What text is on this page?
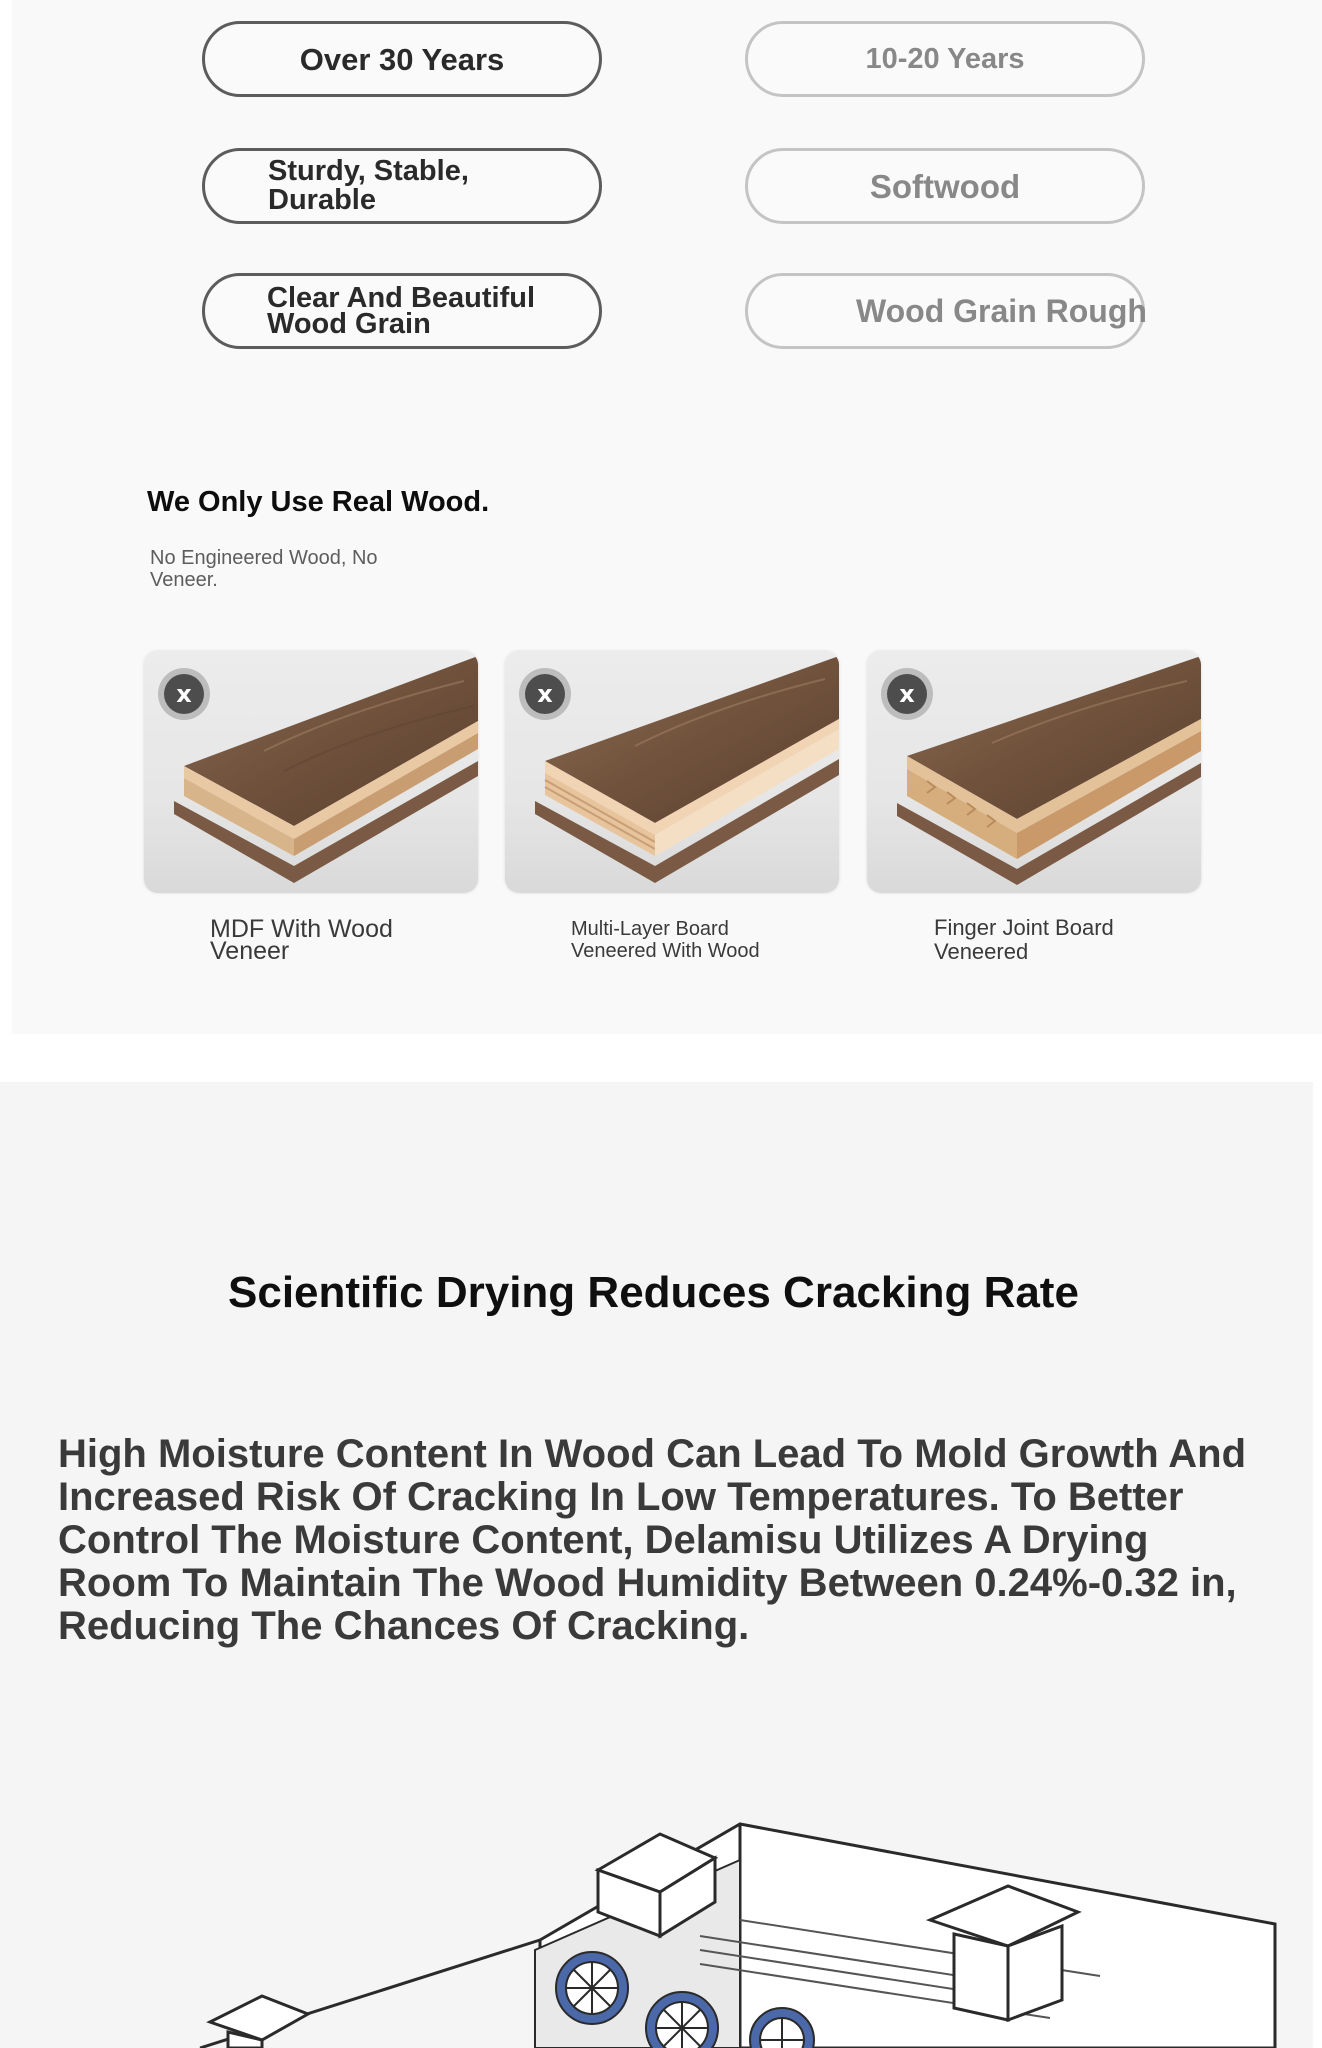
Over 30 Years
Sturdy, Stable, Durable
Clear And Beautiful Wood Grain
10-20 Years
Softwood
Wood Grain Rough
We Only Use Real Wood.
No Engineered Wood, No Veneer.
x	x	x
MDF With Wood Veneer
Multi-Layer Board Veneered With Wood
Finger Joint Board Veneered
Scientific Drying Reduces Cracking Rate
High Moisture Content In Wood Can Lead To Mold Growth And Increased Risk Of Cracking In Low Temperatures. To Better Control The Moisture Content, Delamisu Utilizes A Drying Room To Maintain The Wood Humidity Between 0.24%-0.32 in, Reducing The Chances Of Cracking.
